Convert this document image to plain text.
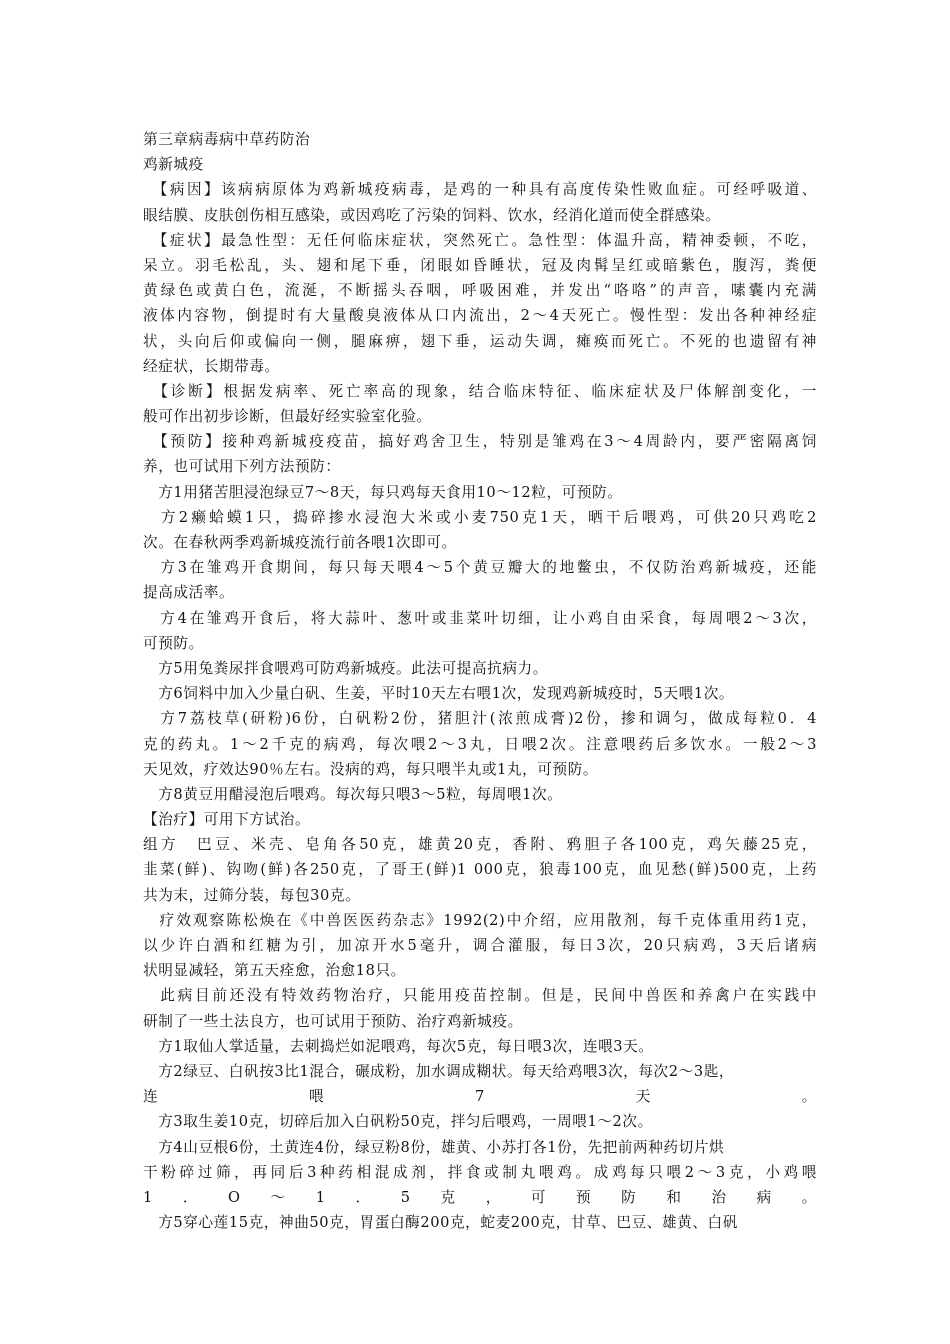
第三章病毒病中草药防治
鸡新城疫
　【病因】该病病原体为鸡新城疫病毒，是鸡的一种具有高度传染性败血症。可经呼吸道、
眼结膜、皮肤创伤相互感染，或因鸡吃了污染的饲料、饮水，经消化道而使全群感染。
　【症状】最急性型：无任何临床症状，突然死亡。急性型：体温升高，精神委顿，不吃，
呆立。羽毛松乱，头、翅和尾下垂，闭眼如昏睡状，冠及肉髯呈红或暗紫色，腹泻，粪便
黄绿色或黄白色，流涎，不断摇头吞咽，呼吸困难，并发出“咯咯”的声音，嗉囊内充满
液体内容物，倒提时有大量酸臭液体从口内流出，2～4天死亡。慢性型：发出各种神经症
状，头向后仰或偏向一侧，腿麻痹，翅下垂，运动失调，瘫痪而死亡。不死的也遗留有神
经症状，长期带毒。
　【诊断】根据发病率、死亡率高的现象，结合临床特征、临床症状及尸体解剖变化，一
般可作出初步诊断，但最好经实验室化验。
　【预防】接种鸡新城疫疫苗，搞好鸡舍卫生，特别是雏鸡在3～4周龄内，要严密隔离饲
养，也可试用下列方法预防：
　方1用猪苦胆浸泡绿豆7～8天，每只鸡每天食用10～12粒，可预防。
　方2癞蛤蟆1只，捣碎掺水浸泡大米或小麦750克1天，晒干后喂鸡，可供20只鸡吃2
次。在春秋两季鸡新城疫流行前各喂1次即可。
　方3在雏鸡开食期间，每只每天喂4～5个黄豆瓣大的地鳖虫，不仅防治鸡新城疫，还能
提高成活率。
　方4在雏鸡开食后，将大蒜叶、葱叶或韭菜叶切细，让小鸡自由采食，每周喂2～3次，
可预防。
　方5用兔粪尿拌食喂鸡可防鸡新城疫。此法可提高抗病力。
　方6饲料中加入少量白矾、生姜，平时10天左右喂1次，发现鸡新城疫时，5天喂1次。
　方7荔枝草(研粉)6份，白矾粉2份，猪胆汁(浓煎成膏)2份，掺和调匀，做成每粒0．4
克的药丸。1～2千克的病鸡，每次喂2～3丸，日喂2次。注意喂药后多饮水。一般2～3
天见效，疗效达90％左右。没病的鸡，每只喂半丸或1丸，可预防。
　方8黄豆用醋浸泡后喂鸡。每次每只喂3～5粒，每周喂1次。
【治疗】可用下方试治。
组方　巴豆、米壳、皂角各50克，雄黄20克，香附、鸦胆子各100克，鸡矢藤25克，
韭菜(鲜)、钩吻(鲜)各250克，了哥王(鲜)1 000克，狼毒100克，血见愁(鲜)500克，上药
共为末，过筛分装，每包30克。
　疗效观察陈松焕在《中兽医医药杂志》1992(2)中介绍，应用散剂，每千克体重用药1克，
以少许白酒和红糖为引，加凉开水5毫升，调合灌服，每日3次，20只病鸡，3天后诸病
状明显减轻，第五天痊愈，治愈18只。
　此病目前还没有特效药物治疗，只能用疫苗控制。但是，民间中兽医和养禽户在实践中
研制了一些土法良方，也可试用于预防、治疗鸡新城疫。
　方1取仙人掌适量，去刺捣烂如泥喂鸡，每次5克，每日喂3次，连喂3天。
　方2绿豆、白矾按3比1混合，碾成粉，加水调成糊状。每天给鸡喂3次，每次2～3匙，
连喂7天。
　方3取生姜10克，切碎后加入白矾粉50克，拌匀后喂鸡，一周喂1～2次。
　方4山豆根6份，土黄连4份，绿豆粉8份，雄黄、小苏打各1份，先把前两种药切片烘
干粉碎过筛，再同后3种药相混成剂，拌食或制丸喂鸡。成鸡每只喂2～3克，小鸡喂
1．O～1．5克，可预防和治病。
　方5穿心莲15克，神曲50克，胃蛋白酶200克，蛇麦200克，甘草、巴豆、雄黄、白矾
